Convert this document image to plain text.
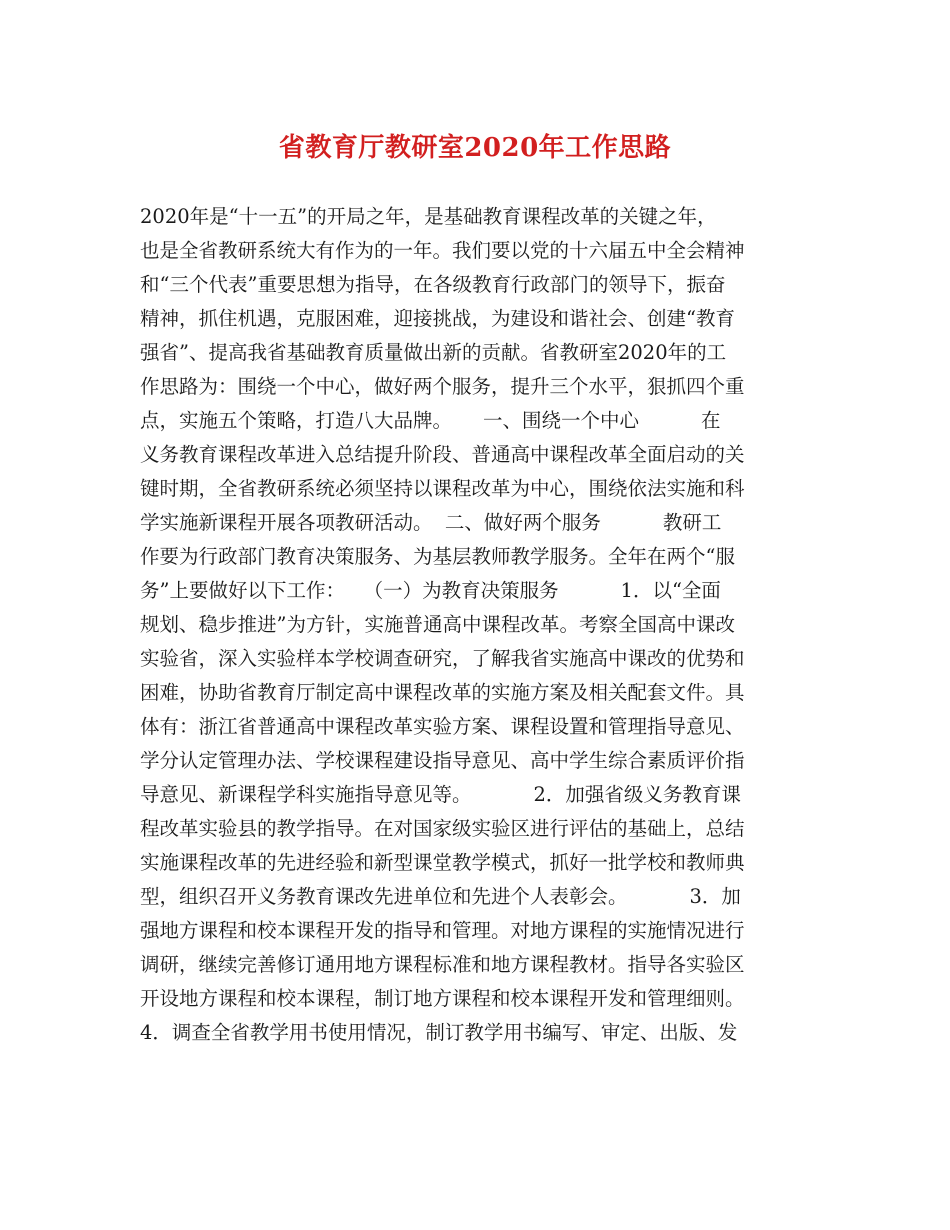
省教育厅教研室2020年工作思路
2020年是“十一五”的开局之年，是基础教育课程改革的关键之年，
也是全省教研系统大有作为的一年。我们要以党的十六届五中全会精神
和“三个代表”重要思想为指导，在各级教育行政部门的领导下，振奋
精神，抓住机遇，克服困难，迎接挑战，为建设和谐社会、创建“教育
强省”、提高我省基础教育质量做出新的贡献。省教研室2020年的工
作思路为：围绕一个中心，做好两个服务，提升三个水平，狠抓四个重
点，实施五个策略，打造八大品牌。     一、围绕一个中心          在
义务教育课程改革进入总结提升阶段、普通高中课程改革全面启动的关
键时期，全省教研系统必须坚持以课程改革为中心，围绕依法实施和科
学实施新课程开展各项教研活动。  二、做好两个服务          教研工
作要为行政部门教育决策服务、为基层教师教学服务。全年在两个“服
务”上要做好以下工作：   （一）为教育决策服务          1．以“全面
规划、稳步推进”为方针，实施普通高中课程改革。考察全国高中课改
实验省，深入实验样本学校调查研究，了解我省实施高中课改的优势和
困难，协助省教育厅制定高中课程改革的实施方案及相关配套文件。具
体有：浙江省普通高中课程改革实验方案、课程设置和管理指导意见、
学分认定管理办法、学校课程建设指导意见、高中学生综合素质评价指
导意见、新课程学科实施指导意见等。          2．加强省级义务教育课
程改革实验县的教学指导。在对国家级实验区进行评估的基础上，总结
实施课程改革的先进经验和新型课堂教学模式，抓好一批学校和教师典
型，组织召开义务教育课改先进单位和先进个人表彰会。          3．加
强地方课程和校本课程开发的指导和管理。对地方课程的实施情况进行
调研，继续完善修订通用地方课程标准和地方课程教材。指导各实验区
开设地方课程和校本课程，制订地方课程和校本课程开发和管理细则。
4．调查全省教学用书使用情况，制订教学用书编写、审定、出版、发
